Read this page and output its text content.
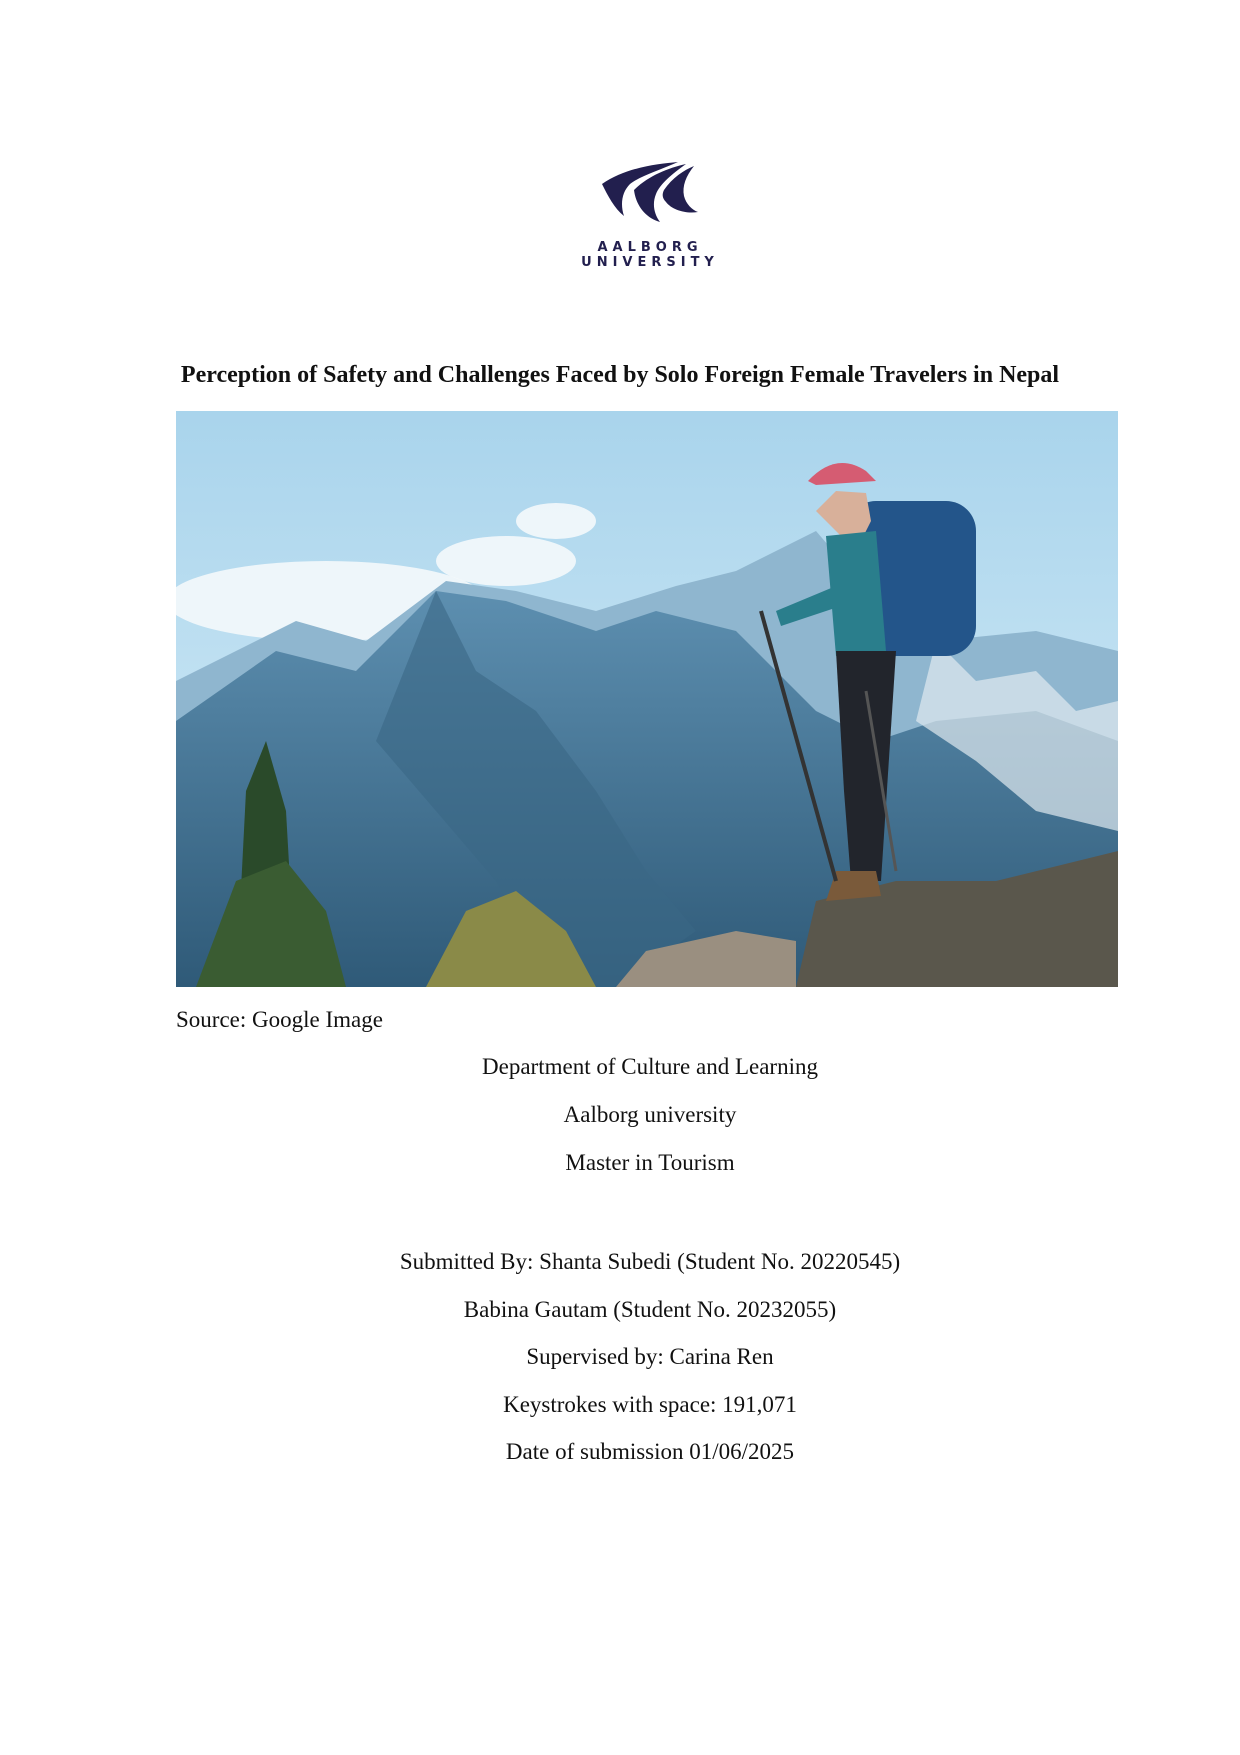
AALBORG
UNIVERSITY
Perception of Safety and Challenges Faced by Solo Foreign Female Travelers in Nepal
Source: Google Image
Department of Culture and Learning
Aalborg university
Master in Tourism
Submitted By: Shanta Subedi (Student No. 20220545)
Babina Gautam (Student No. 20232055)
Supervised by: Carina Ren
Keystrokes with space: 191,071
Date of submission 01/06/2025
